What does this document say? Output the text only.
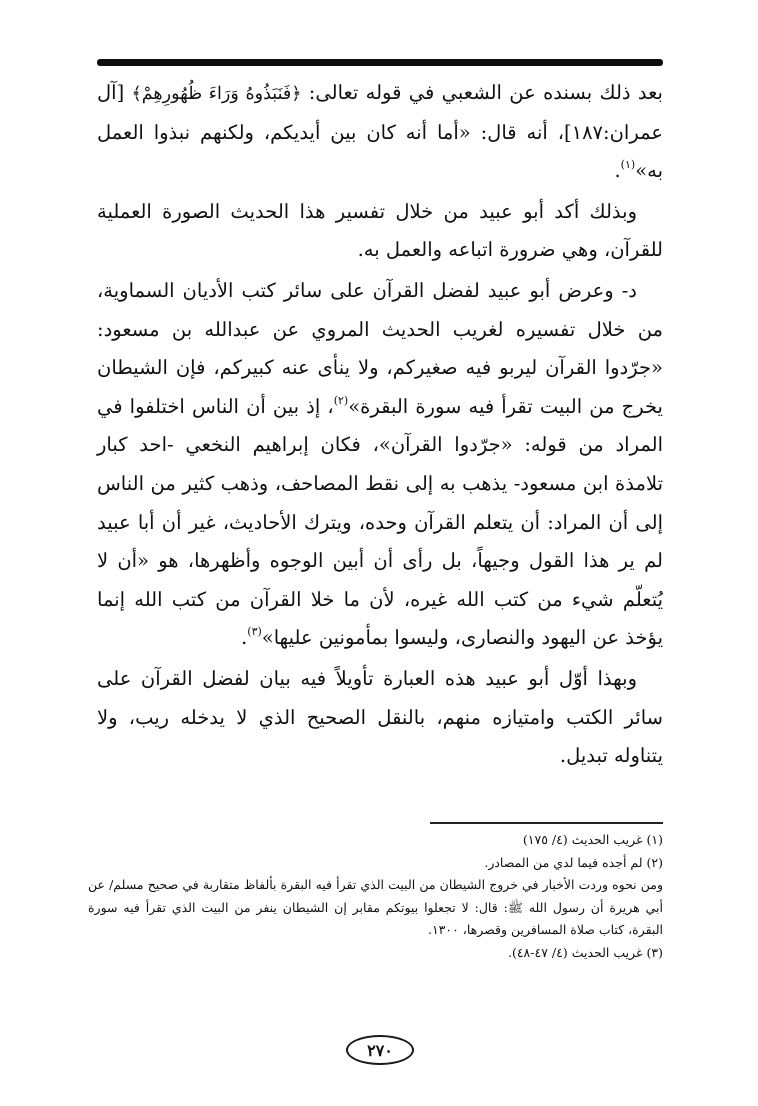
بعد ذلك بسنده عن الشعبي في قوله تعالى: ﴿فَنَبَذُوهُ وَرَاءَ ظُهُورِهِمْ﴾ [آل عمران:١٨٧]، أنه قال: «أما أنه كان بين أيديكم، ولكنهم نبذوا العمل به»$^{(١)}$.

وبذلك أكد أبو عبيد من خلال تفسير هذا الحديث الصورة العملية للقرآن، وهي ضرورة اتباعه والعمل به.

د- وعرض أبو عبيد لفضل القرآن على سائر كتب الأديان السماوية، من خلال تفسيره لغريب الحديث المروي عن عبدالله بن مسعود: «جرّدوا القرآن ليربو فيه صغيركم، ولا ينأى عنه كبيركم، فإن الشيطان يخرج من البيت تقرأ فيه سورة البقرة»$^{(٢)}$، إذ بين أن الناس اختلفوا في المراد من قوله: «جرّدوا القرآن»، فكان إبراهيم النخعي -احد كبار تلامذة ابن مسعود- يذهب به إلى نقط المصاحف، وذهب كثير من الناس إلى أن المراد: أن يتعلم القرآن وحده، ويترك الأحاديث، غير أن أبا عبيد لم ير هذا القول وجيهاً، بل رأى أن أبين الوجوه وأظهرها، هو «أن لا يُتعلّم شيء من كتب الله غيره، لأن ما خلا القرآن من كتب الله إنما يؤخذ عن اليهود والنصارى، وليسوا بمأمونين عليها»$^{(٣)}$.

وبهذا أوّل أبو عبيد هذه العبارة تأويلاً فيه بيان لفضل القرآن على سائر الكتب وامتيازه منهم، بالنقل الصحيح الذي لا يدخله ريب، ولا يتناوله تبديل.

(١) غريب الحديث (٤/ ١٧٥)

(٢) لم أجده فيما لدي من المصادر.

ومن نحوه وردت الأخبار في خروج الشيطان من البيت الذي تقرأ فيه البقرة بألفاظ متقاربة في صحيح مسلم/ عن أبي هريرة أن رسول الله ﷺ: قال: لا تجعلوا بيوتكم مقابر إن الشيطان ينفر من البيت الذي تقرأ فيه سورة البقرة، كتاب صلاة المسافرين وقصرها، ١٣٠٠.

(٣) غريب الحديث (٤/ ٤٧-٤٨).

٢٧٠
